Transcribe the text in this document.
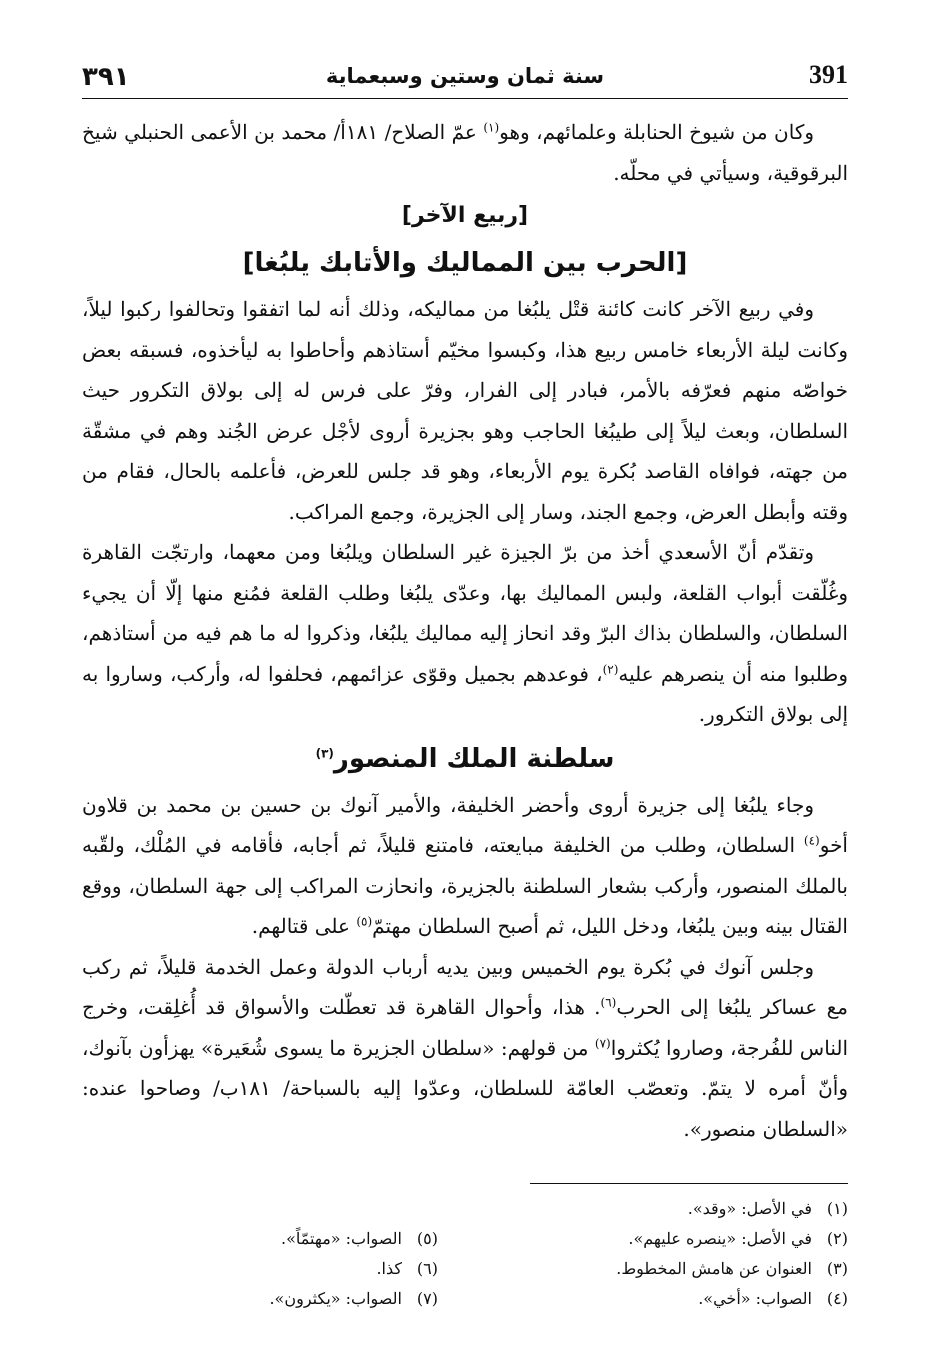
٣٩١	سنة ثمان وستين وسبعماية	391

وكان من شيوخ الحنابلة وعلمائهم، وهو$^{(١)}$ عمّ الصلاح/ ١٨١أ/ محمد بن الأعمى الحنبلي شيخ البرقوقية، وسيأتي في محلّه.

[ربيع الآخر]
[الحرب بين المماليك والأتابك يلبُغا]

وفي ربيع الآخر كانت كائنة قتْل يلبُغا من مماليكه، وذلك أنه لما اتفقوا وتحالفوا ركبوا ليلاً، وكانت ليلة الأربعاء خامس ربيع هذا، وكبسوا مخيّم أستاذهم وأحاطوا به ليأخذوه، فسبقه بعض خواصّه منهم فعرّفه بالأمر، فبادر إلى الفرار، وفرّ على فرس له إلى بولاق التكرور حيث السلطان، وبعث ليلاً إلى طيبُغا الحاجب وهو بجزيرة أروى لأجْل عرض الجُند وهم في مشقّة من جهته، فوافاه القاصد بُكرة يوم الأربعاء، وهو قد جلس للعرض، فأعلمه بالحال، فقام من وقته وأبطل العرض، وجمع الجند، وسار إلى الجزيرة، وجمع المراكب.

وتقدّم أنّ الأسعدي أخذ من برّ الجيزة غير السلطان ويلبُغا ومن معهما، وارتجّت القاهرة وغُلّقت أبواب القلعة، ولبس المماليك بها، وعدّى يلبُغا وطلب القلعة فمُنع منها إلّا أن يجيء السلطان، والسلطان بذاك البرّ وقد انحاز إليه مماليك يلبُغا، وذكروا له ما هم فيه من أستاذهم، وطلبوا منه أن ينصرهم عليه$^{(٢)}$، فوعدهم بجميل وقوّى عزائمهم، فحلفوا له، وأركب، وساروا به إلى بولاق التكرور.

سلطنة الملك المنصور$^{(٣)}$

وجاء يلبُغا إلى جزيرة أروى وأحضر الخليفة، والأمير آنوك بن حسين بن محمد بن قلاون أخو$^{(٤)}$ السلطان، وطلب من الخليفة مبايعته، فامتنع قليلاً، ثم أجابه، فأقامه في المُلْك، ولقّبه بالملك المنصور، وأركب بشعار السلطنة بالجزيرة، وانحازت المراكب إلى جهة السلطان، ووقع القتال بينه وبين يلبُغا، ودخل الليل، ثم أصبح السلطان مهتمّ$^{(٥)}$ على قتالهم.

وجلس آنوك في بُكرة يوم الخميس وبين يديه أرباب الدولة وعمل الخدمة قليلاً، ثم ركب مع عساكر يلبُغا إلى الحرب$^{(٦)}$. هذا، وأحوال القاهرة قد تعطّلت والأسواق قد أُغلِقت، وخرج الناس للفُرجة، وصاروا يُكثروا$^{(٧)}$ من قولهم: «سلطان الجزيرة ما يسوى شُعَيرة» يهزأون بآنوك، وأنّ أمره لا يتمّ. وتعصّب العامّة للسلطان، وعدّوا إليه بالسباحة/ ١٨١ب/ وصاحوا عنده: «السلطان منصور».

(١)في الأصل: «وقد».
(٢)في الأصل: «ينصره عليهم».
(٣)العنوان عن هامش المخطوط.
(٤)الصواب: «أخي».
(٥)الصواب: «مهتمّاً».
(٦)كذا.
(٧)الصواب: «يكثرون».
